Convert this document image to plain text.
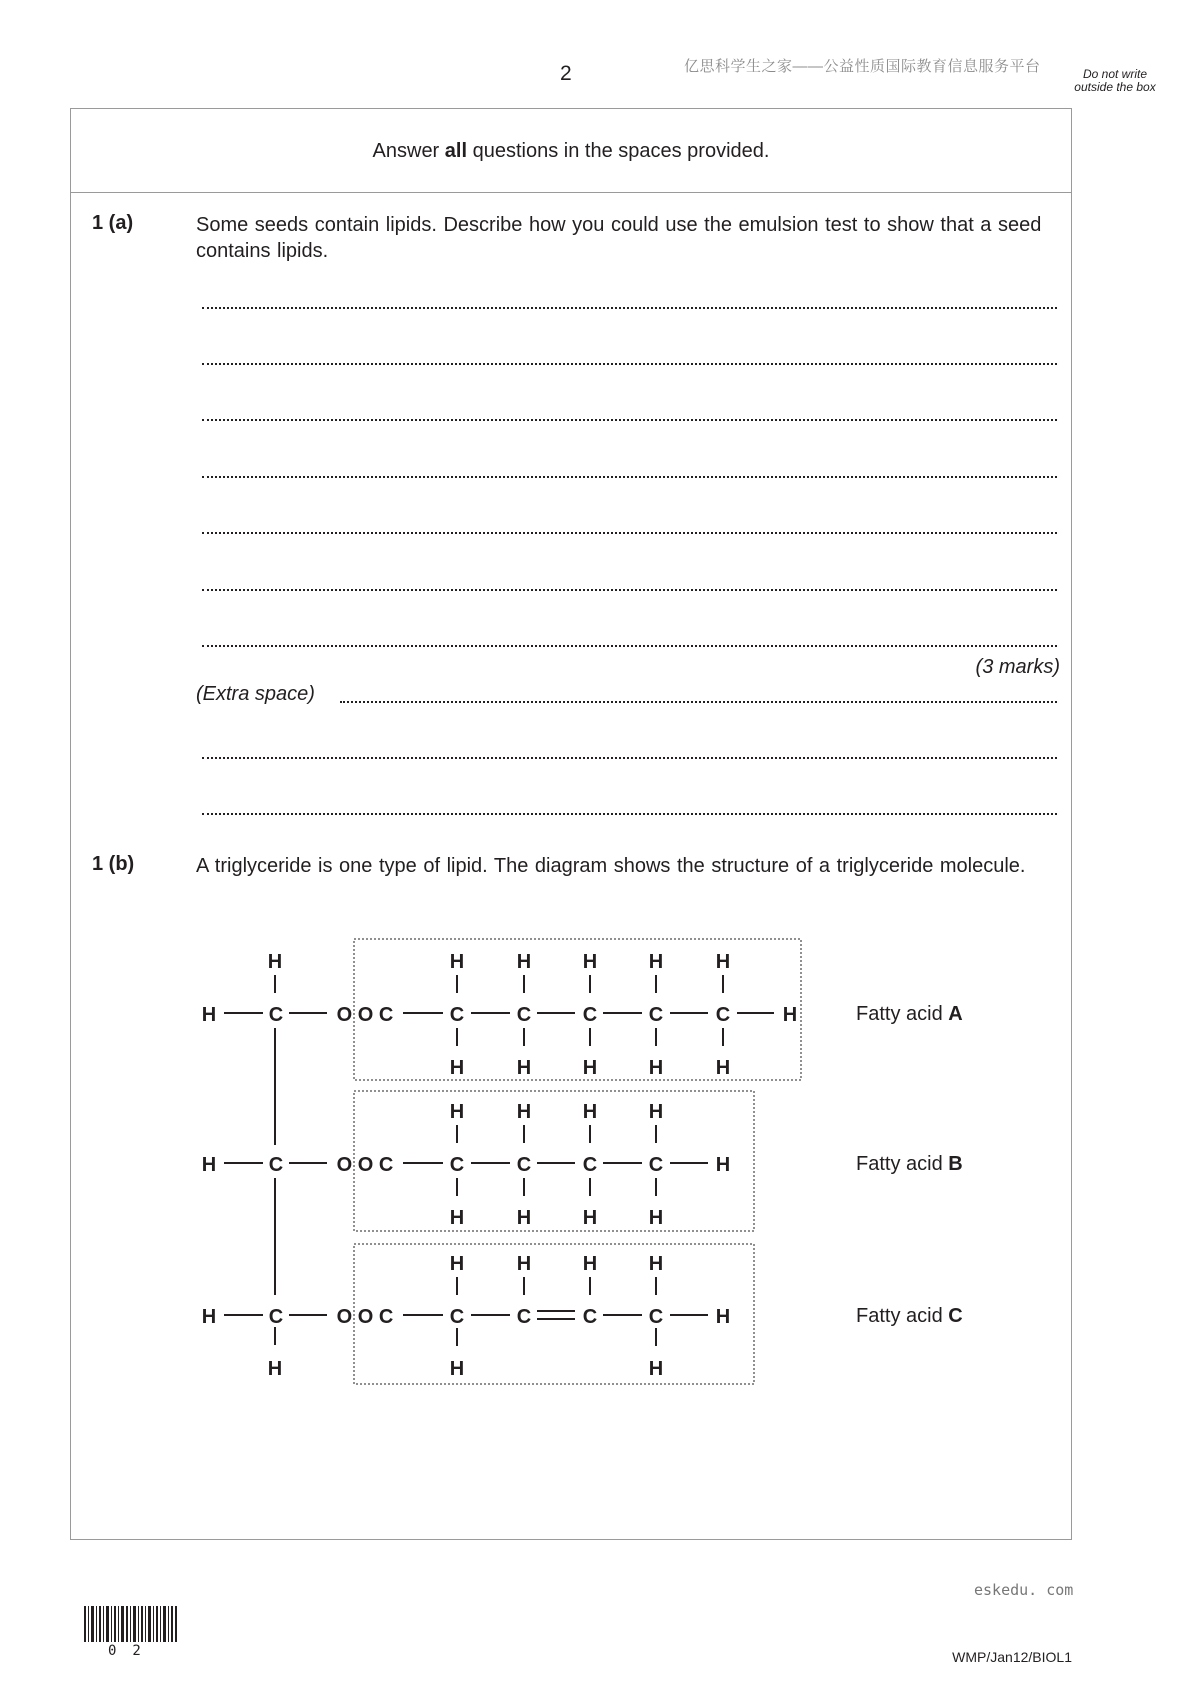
2	亿思科学生之家——公益性质国际教育信息服务平台	Do not write outside the box
Answer all questions in the spaces provided.
1 (a)	Some seeds contain lipids. Describe how you could use the emulsion test to show that a seed contains lipids.
(3 marks)
(Extra space)
1 (b)	A triglyceride is one type of lipid. The diagram shows the structure of a triglyceride molecule.
H
H	C	O O C
H	H	H	H	H
C	C	C	C	C	H
H	H	H	H	H
H	C	O O C
H	H	H	H
C	C	C	C	H
H	H	H	H
H	C	O O C
H
H	H	H	H
C	C	C	C	H
H	H
Fatty acid A
Fatty acid B
Fatty acid C
eskedu. com
02	WMP/Jan12/BIOL1
